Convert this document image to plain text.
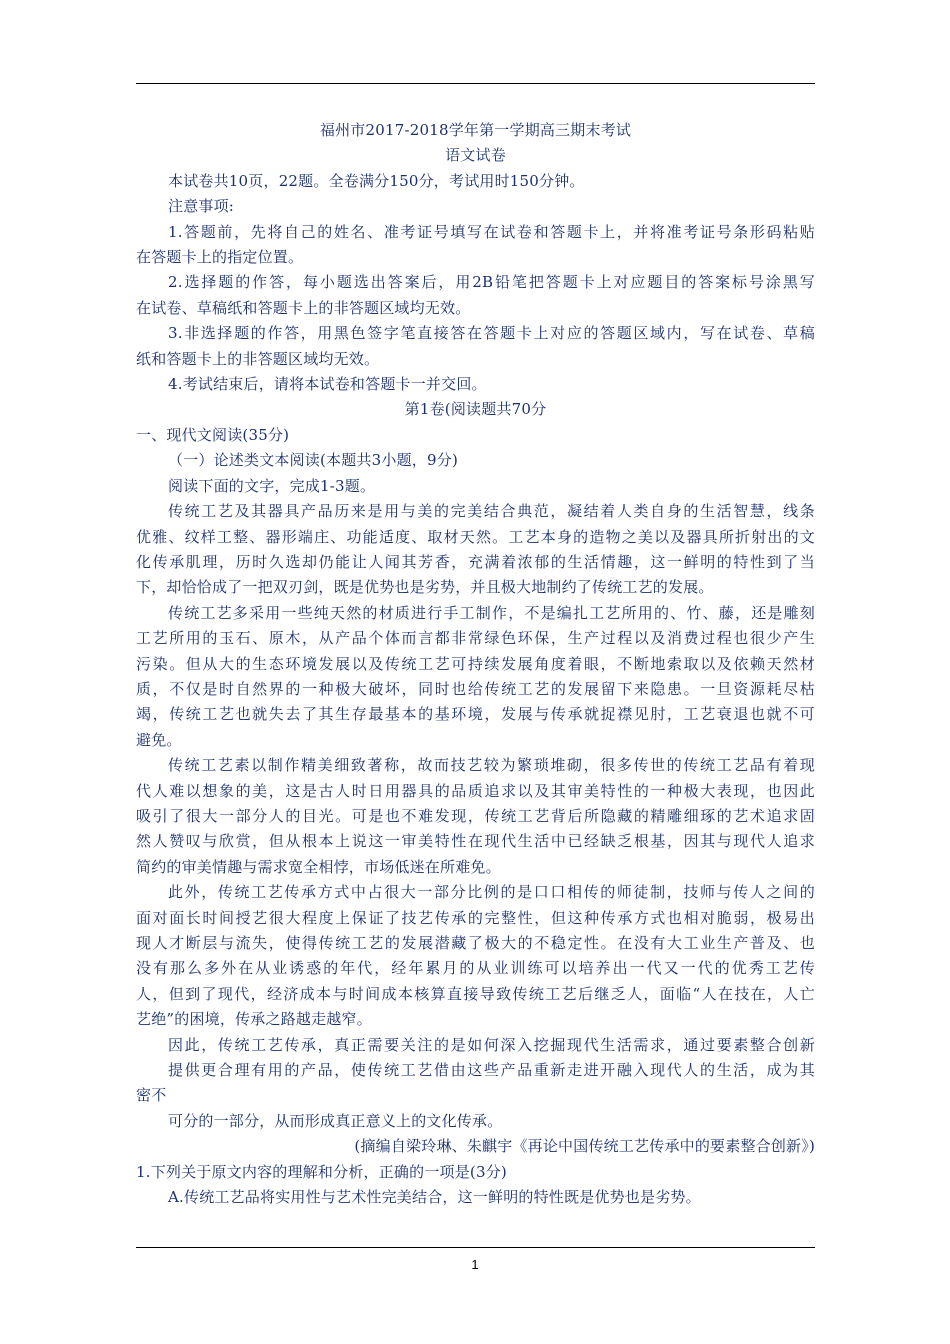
福州市2017-2018学年第一学期高三期末考试
语文试卷
本试卷共10页，22题。全卷满分150分，考试用时150分钟。
注意事项:
1.答题前，先将自己的姓名、准考证号填写在试卷和答题卡上，并将准考证号条形码粘贴
在答题卡上的指定位置。
2.选择题的作答，每小题选出答案后，用2B铅笔把答题卡上对应题目的答案标号涂黑写
在试卷、草稿纸和答题卡上的非答题区域均无效。
3.非选择题的作答，用黑色签字笔直接答在答题卡上对应的答题区域内，写在试卷、草稿
纸和答题卡上的非答题区域均无效。
4.考试结束后，请将本试卷和答题卡一并交回。
第1卷(阅读题共70分
一、现代文阅读(35分)
（一）论述类文本阅读(本题共3小题，9分)
阅读下面的文字，完成1-3题。
传统工艺及其器具产品历来是用与美的完美结合典范，凝结着人类自身的生活智慧，线条
优雅、纹样工整、器形端庄、功能适度、取材天然。工艺本身的造物之美以及器具所折射出的文
化传承肌理，历时久选却仍能让人闻其芳香，充满着浓郁的生活情趣，这一鲜明的特性到了当
下，却恰恰成了一把双刃剑，既是优势也是劣势，并且极大地制约了传统工艺的发展。
传统工艺多采用一些纯天然的材质进行手工制作，不是编扎工艺所用的、竹、藤，还是雕刻
工艺所用的玉石、原木，从产品个体而言都非常绿色环保，生产过程以及消费过程也很少产生
污染。但从大的生态环境发展以及传统工艺可持续发展角度着眼，不断地索取以及依赖天然材
质，不仅是时自然界的一种极大破坏，同时也给传统工艺的发展留下来隐患。一旦资源耗尽枯
竭，传统工艺也就失去了其生存最基本的基环境，发展与传承就捉襟见肘，工艺衰退也就不可
避免。
传统工艺素以制作精美细致著称，故而技艺较为繁琐堆砌，很多传世的传统工艺品有着现
代人难以想象的美，这是古人时日用器具的品质追求以及其审美特性的一种极大表现，也因此
吸引了很大一部分人的目光。可是也不难发现，传统工艺背后所隐藏的精雕细琢的艺术追求固
然人赞叹与欣赏，但从根本上说这一审美特性在现代生活中已经缺乏根基，因其与现代人追求
简约的审美情趣与需求宽全相悖，市场低迷在所难免。
此外，传统工艺传承方式中占很大一部分比例的是口口相传的师徒制，技师与传人之间的
面对面长时间授艺很大程度上保证了技艺传承的完整性，但这种传承方式也相对脆弱，极易出
现人才断层与流失，使得传统工艺的发展潜藏了极大的不稳定性。在没有大工业生产普及、也
没有那么多外在从业诱惑的年代，经年累月的从业训练可以培养出一代又一代的优秀工艺传
人，但到了现代，经济成本与时间成本核算直接导致传统工艺后继乏人，面临“人在技在，人亡
艺绝”的困境，传承之路越走越窄。
因此，传统工艺传承，真正需要关注的是如何深入挖掘现代生活需求，通过要素整合创新
提供更合理有用的产品，使传统工艺借由这些产品重新走进开融入现代人的生活，成为其
密不
可分的一部分，从而形成真正意义上的文化传承。
(摘编自梁玲琳、朱麒宇《再论中国传统工艺传承中的要素整合创新》)
1.下列关于原文内容的理解和分析，正确的一项是(3分)
A.传统工艺品将实用性与艺术性完美结合，这一鲜明的特性既是优势也是劣势。
1
